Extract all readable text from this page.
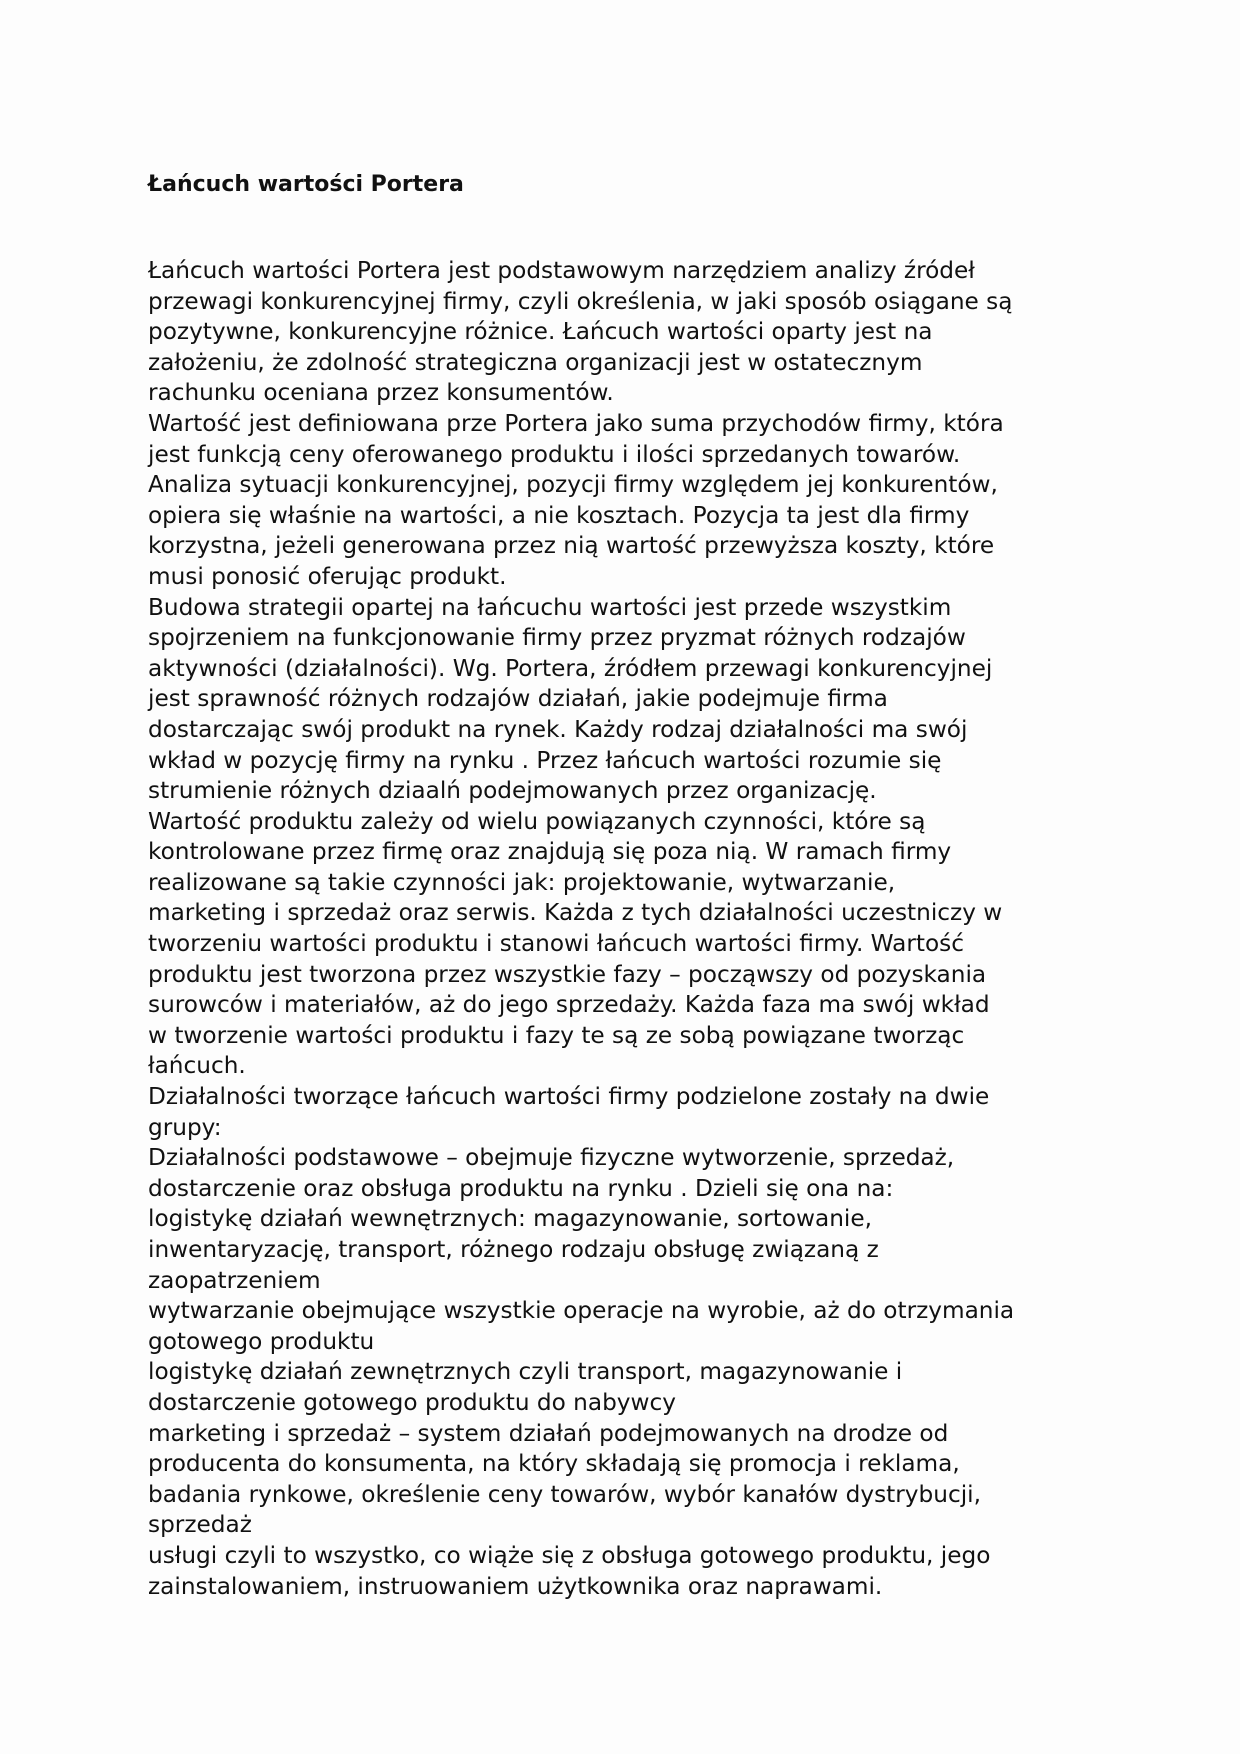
Łańcuch wartości Portera
Łańcuch wartości Portera jest podstawowym narzędziem analizy źródeł
przewagi konkurencyjnej firmy, czyli określenia, w jaki sposób osiągane są
pozytywne, konkurencyjne różnice. Łańcuch wartości oparty jest na
założeniu, że zdolność strategiczna organizacji jest w ostatecznym
rachunku oceniana przez konsumentów.
Wartość jest definiowana prze Portera jako suma przychodów firmy, która
jest funkcją ceny oferowanego produktu i ilości sprzedanych towarów.
Analiza sytuacji konkurencyjnej, pozycji firmy względem jej konkurentów,
opiera się właśnie na wartości, a nie kosztach. Pozycja ta jest dla firmy
korzystna, jeżeli generowana przez nią wartość przewyższa koszty, które
musi ponosić oferując produkt.
Budowa strategii opartej na łańcuchu wartości jest przede wszystkim
spojrzeniem na funkcjonowanie firmy przez pryzmat różnych rodzajów
aktywności (działalności). Wg. Portera, źródłem przewagi konkurencyjnej
jest sprawność różnych rodzajów działań, jakie podejmuje firma
dostarczając swój produkt na rynek. Każdy rodzaj działalności ma swój
wkład w pozycję firmy na rynku . Przez łańcuch wartości rozumie się
strumienie różnych dziaalń podejmowanych przez organizację.
Wartość produktu zależy od wielu powiązanych czynności, które są
kontrolowane przez firmę oraz znajdują się poza nią. W ramach firmy
realizowane są takie czynności jak: projektowanie, wytwarzanie,
marketing i sprzedaż oraz serwis. Każda z tych działalności uczestniczy w
tworzeniu wartości produktu i stanowi łańcuch wartości firmy. Wartość
produktu jest tworzona przez wszystkie fazy – począwszy od pozyskania
surowców i materiałów, aż do jego sprzedaży. Każda faza ma swój wkład
w tworzenie wartości produktu i fazy te są ze sobą powiązane tworząc
łańcuch.
Działalności tworzące łańcuch wartości firmy podzielone zostały na dwie
grupy:
Działalności podstawowe – obejmuje fizyczne wytworzenie, sprzedaż,
dostarczenie oraz obsługa produktu na rynku . Dzieli się ona na:
logistykę działań wewnętrznych: magazynowanie, sortowanie,
inwentaryzację, transport, różnego rodzaju obsługę związaną z
zaopatrzeniem
wytwarzanie obejmujące wszystkie operacje na wyrobie, aż do otrzymania
gotowego produktu
logistykę działań zewnętrznych czyli transport, magazynowanie i
dostarczenie gotowego produktu do nabywcy
marketing i sprzedaż – system działań podejmowanych na drodze od
producenta do konsumenta, na który składają się promocja i reklama,
badania rynkowe, określenie ceny towarów, wybór kanałów dystrybucji,
sprzedaż
usługi czyli to wszystko, co wiąże się z obsługa gotowego produktu, jego
zainstalowaniem, instruowaniem użytkownika oraz naprawami.
